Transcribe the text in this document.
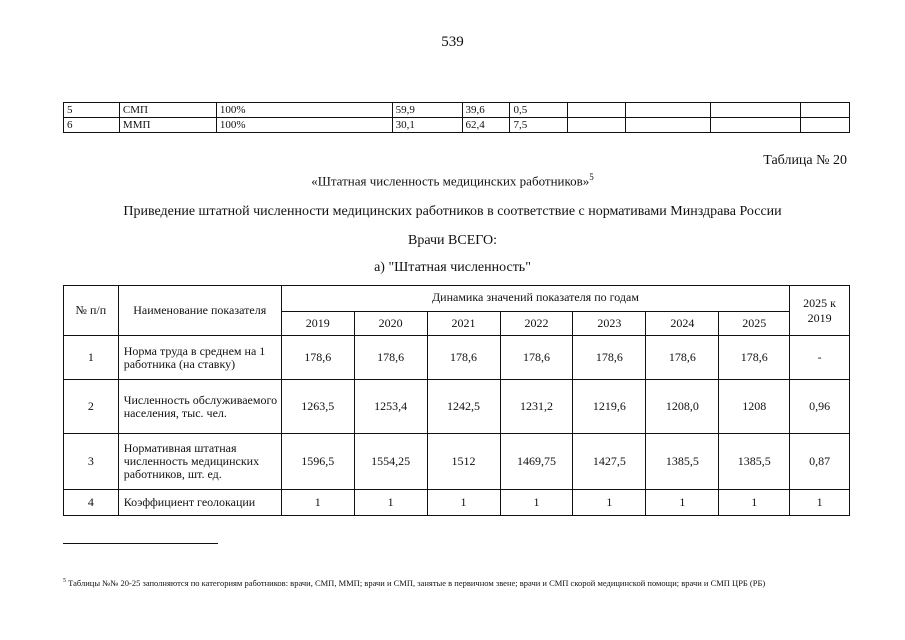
539
5	СМП	100%	59,9	39,6	0,5				
6	ММП	100%	30,1	62,4	7,5				
Таблица № 20
«Штатная численность медицинских работников»$^5$
Приведение штатной численности медицинских работников в соответствие с нормативами Минздрава России
Врачи ВСЕГО:
а) "Штатная численность"
№ п/п	Наименование показателя	Динамика значений показателя по годам							2025 к 2019
		2019	2020	2021	2022	2023	2024	2025	
1	Норма труда в среднем на 1 работника (на ставку)	178,6	178,6	178,6	178,6	178,6	178,6	178,6	-
2	Численность обслуживаемого населения, тыс. чел.	1263,5	1253,4	1242,5	1231,2	1219,6	1208,0	1208	0,96
3	Нормативная штатная численность медицинских работников, шт. ед.	1596,5	1554,25	1512	1469,75	1427,5	1385,5	1385,5	0,87
4	Коэффициент геолокации	1	1	1	1	1	1	1	1
$^5$ Таблицы №№ 20-25 заполняются по категориям работников: врачи, СМП, ММП; врачи и СМП, занятые в первичном звене; врачи и СМП скорой медицинской помощи; врачи и СМП ЦРБ (РБ)
